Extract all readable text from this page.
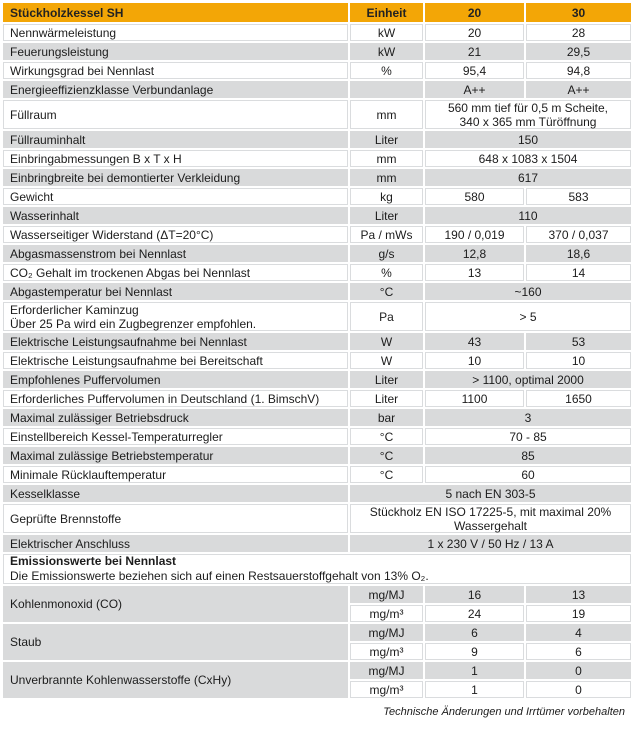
Stückholzkessel SH	Einheit	20	30
Nennwärmeleistung	kW	20	28
Feuerungsleistung	kW	21	29,5
Wirkungsgrad bei Nennlast	%	95,4	94,8
Energieeffizienzklasse Verbundanlage		A++	A++
Füllraum	mm	560 mm tief für 0,5 m Scheite,
340 x 365 mm Türöffnung	

Füllrauminhalt	Liter	150	
Einbringabmessungen B x T x H	mm	648 x 1083 x 1504	
Einbringbreite bei demontierter Verkleidung	mm	617	
Gewicht	kg	580	583
Wasserinhalt	Liter	110	
Wasserseitiger Widerstand (ΔT=20°C)	Pa / mWs	190 / 0,019	370 / 0,037
Abgasmassenstrom bei Nennlast	g/s	12,8	18,6
CO₂ Gehalt im trockenen Abgas bei Nennlast	%	13	14
Abgastemperatur bei Nennlast	°C	~160	

Erforderlicher Kaminzug
Über 25 Pa wird ein Zugbegrenzer empfohlen.	Pa	> 5	
Elektrische Leistungsaufnahme bei Nennlast	W	43	53
Elektrische Leistungsaufnahme bei Bereitschaft	W	10	10
Empfohlenes Puffervolumen	Liter	> 1100, optimal 2000	
Erforderliches Puffervolumen in Deutschland (1. BimschV)	Liter	1100	1650
Maximal zulässiger Betriebsdruck	bar	3	
Einstellbereich Kessel-Temperaturregler	°C	70 - 85	
Maximal zulässige Betriebstemperatur	°C	85	
Minimale Rücklauftemperatur	°C	60	
Kesselklasse	5 nach EN 303-5		
Geprüfte Brennstoffe	Stückholz EN ISO 17225-5, mit maximal 20%
Wassergehalt		

Elektrischer Anschluss	1 x 230 V / 50 Hz / 13 A		

Emissionswerte bei Nennlast
Die Emissionswerte beziehen sich auf einen Restsauerstoffgehalt von 13% O₂.			

Kohlenmonoxid (CO)	mg/MJ	16	13
	mg/m³	24	19
Staub	mg/MJ	6	4
	mg/m³	9	6
Unverbrannte Kohlenwasserstoffe (CxHy)	mg/MJ	1	0
	mg/m³	1	0
Technische Änderungen und Irrtümer vorbehalten
